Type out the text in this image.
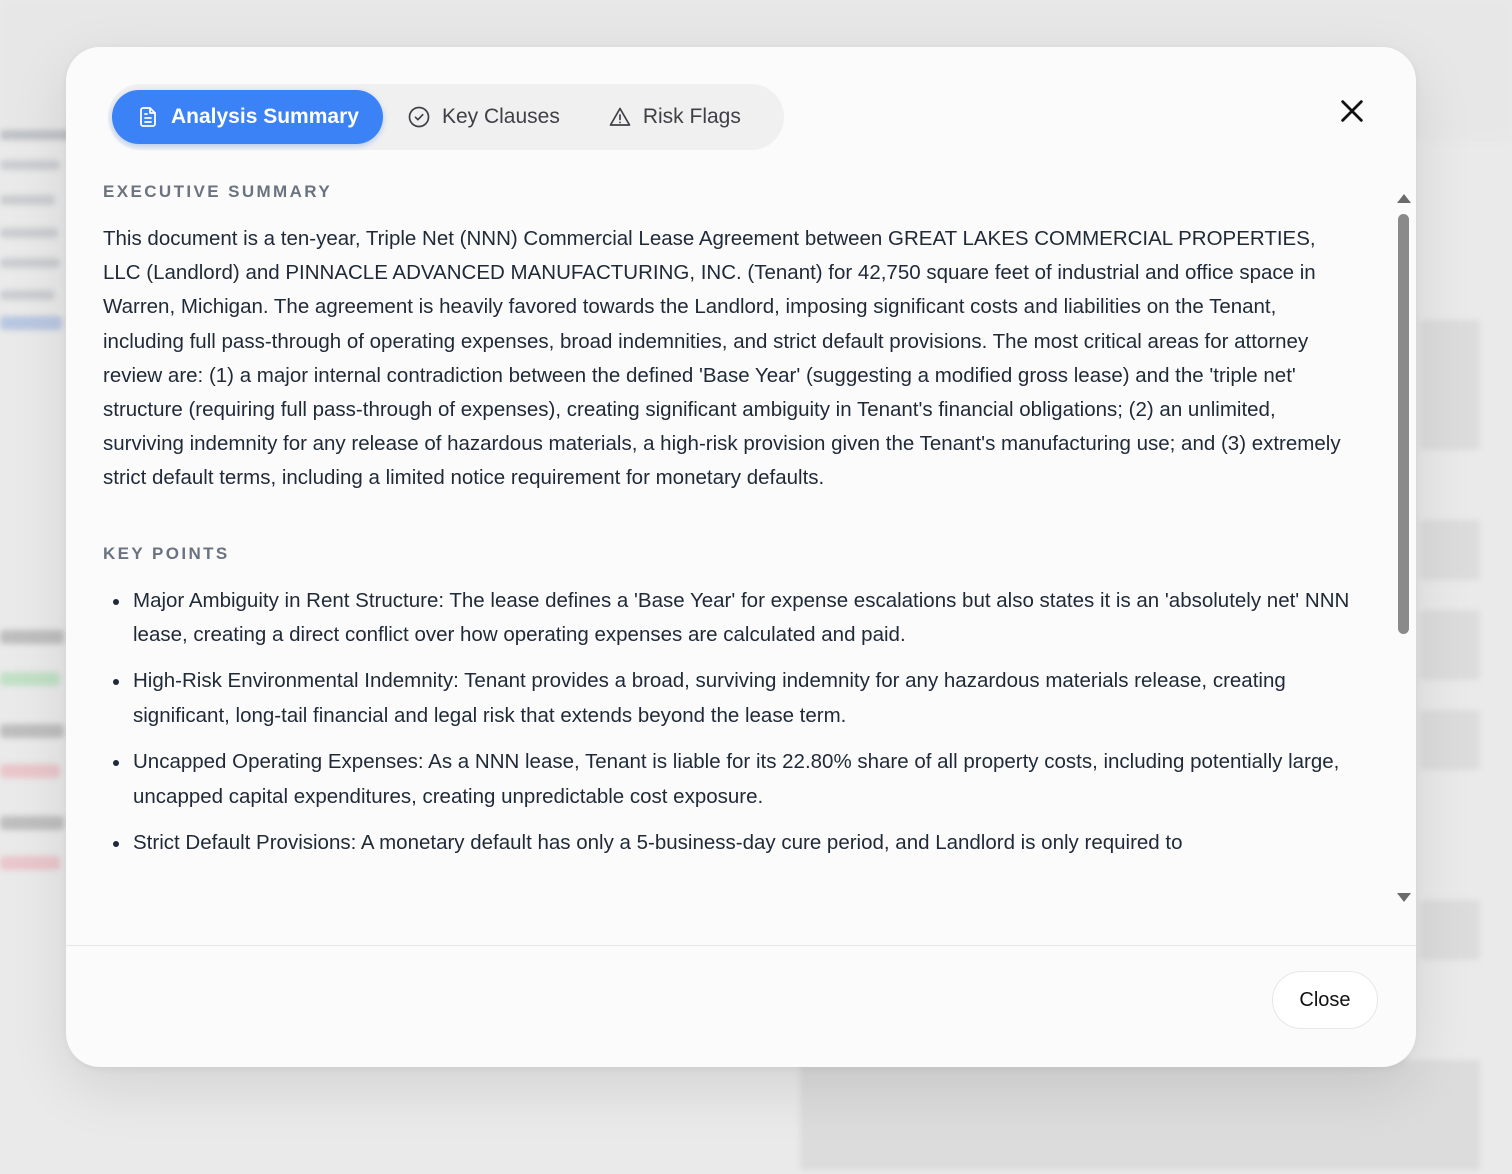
Analysis Summary	Key Clauses	Risk Flags
EXECUTIVE SUMMARY

This document is a ten-year, Triple Net (NNN) Commercial Lease Agreement between GREAT LAKES COMMERCIAL PROPERTIES, LLC (Landlord) and PINNACLE ADVANCED MANUFACTURING, INC. (Tenant) for 42,750 square feet of industrial and office space in Warren, Michigan. The agreement is heavily favored towards the Landlord, imposing significant costs and liabilities on the Tenant, including full pass-through of operating expenses, broad indemnities, and strict default provisions. The most critical areas for attorney review are: (1) a major internal contradiction between the defined 'Base Year' (suggesting a modified gross lease) and the 'triple net' structure (requiring full pass-through of expenses), creating significant ambiguity in Tenant's financial obligations; (2) an unlimited, surviving indemnity for any release of hazardous materials, a high-risk provision given the Tenant's manufacturing use; and (3) extremely strict default terms, including a limited notice requirement for monetary defaults.

KEY POINTS
Major Ambiguity in Rent Structure: The lease defines a 'Base Year' for expense escalations but also states it is an 'absolutely net' NNN lease, creating a direct conflict over how operating expenses are calculated and paid.
High-Risk Environmental Indemnity: Tenant provides a broad, surviving indemnity for any hazardous materials release, creating significant, long-tail financial and legal risk that extends beyond the lease term.
Uncapped Operating Expenses: As a NNN lease, Tenant is liable for its 22.80% share of all property costs, including potentially large, uncapped capital expenditures, creating unpredictable cost exposure.
Strict Default Provisions: A monetary default has only a 5-business-day cure period, and Landlord is only required to
Close
